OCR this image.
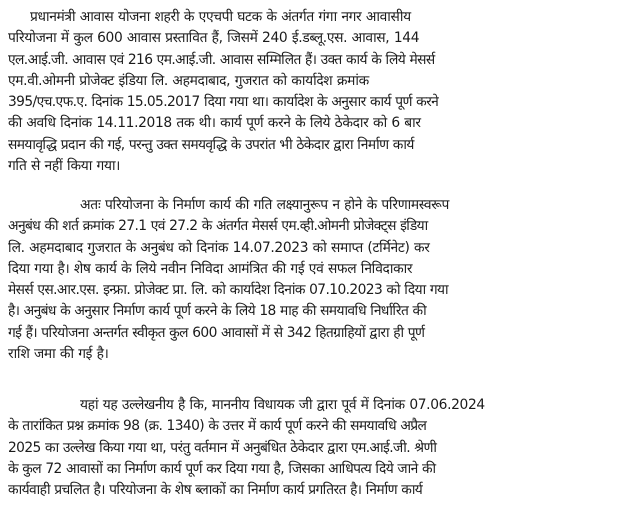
प्रधानमंत्री आवास योजना शहरी के एएचपी घटक के अंतर्गत गंगा नगर आवासीय
परियोजना में कुल 600 आवास प्रस्तावित हैं, जिसमें 240 ई.डब्लू.एस. आवास, 144
एल.आई.जी. आवास एवं 216 एम.आई.जी. आवास सम्मिलित हैं। उक्त कार्य के लिये मेसर्स
एम.वी.ओमनी प्रोजेक्ट इंडिया लि. अहमदाबाद, गुजरात को कार्यादेश क्रमांक
395/एच.एफ.ए. दिनांक 15.05.2017 दिया गया था। कार्यादेश के अनुसार कार्य पूर्ण करने
की अवधि दिनांक 14.11.2018 तक थी। कार्य पूर्ण करने के लिये ठेकेदार को 6 बार
समयावृद्धि प्रदान की गई, परन्तु उक्त समयवृद्धि के उपरांत भी ठेकेदार द्वारा निर्माण कार्य
गति से नहीं किया गया।
अतः परियोजना के निर्माण कार्य की गति लक्ष्यानुरूप न होने के परिणामस्वरूप
अनुबंध की शर्त क्रमांक 27.1 एवं 27.2 के अंतर्गत मेसर्स एम.व्ही.ओमनी प्रोजेक्ट्स इंडिया
लि. अहमदाबाद गुजरात के अनुबंध को दिनांक 14.07.2023 को समाप्त (टर्मिनेट) कर
दिया गया है। शेष कार्य के लिये नवीन निविदा आमंत्रित की गई एवं सफल निविदाकार
मेसर्स एस.आर.एस. इन्फ्रा. प्रोजेक्ट प्रा. लि. को कार्यादेश दिनांक 07.10.2023 को दिया गया
है। अनुबंध के अनुसार निर्माण कार्य पूर्ण करने के लिये 18 माह की समयावधि निर्धारित की
गई हैं। परियोजना अन्तर्गत स्वीकृत कुल 600 आवासों में से 342 हितग्राहियों द्वारा ही पूर्ण
राशि जमा की गई है।
यहां यह उल्लेखनीय है कि, माननीय विधायक जी द्वारा पूर्व में दिनांक 07.06.2024
के तारांकित प्रश्न क्रमांक 98 (क्र. 1340) के उत्तर में कार्य पूर्ण करने की समयावधि अप्रैल
2025 का उल्लेख किया गया था, परंतु वर्तमान में अनुबंधित ठेकेदार द्वारा एम.आई.जी. श्रेणी
के कुल 72 आवासों का निर्माण कार्य पूर्ण कर दिया गया है, जिसका आधिपत्य दिये जाने की
कार्यवाही प्रचलित है। परियोजना के शेष ब्लाकों का निर्माण कार्य प्रगतिरत है। निर्माण कार्य
